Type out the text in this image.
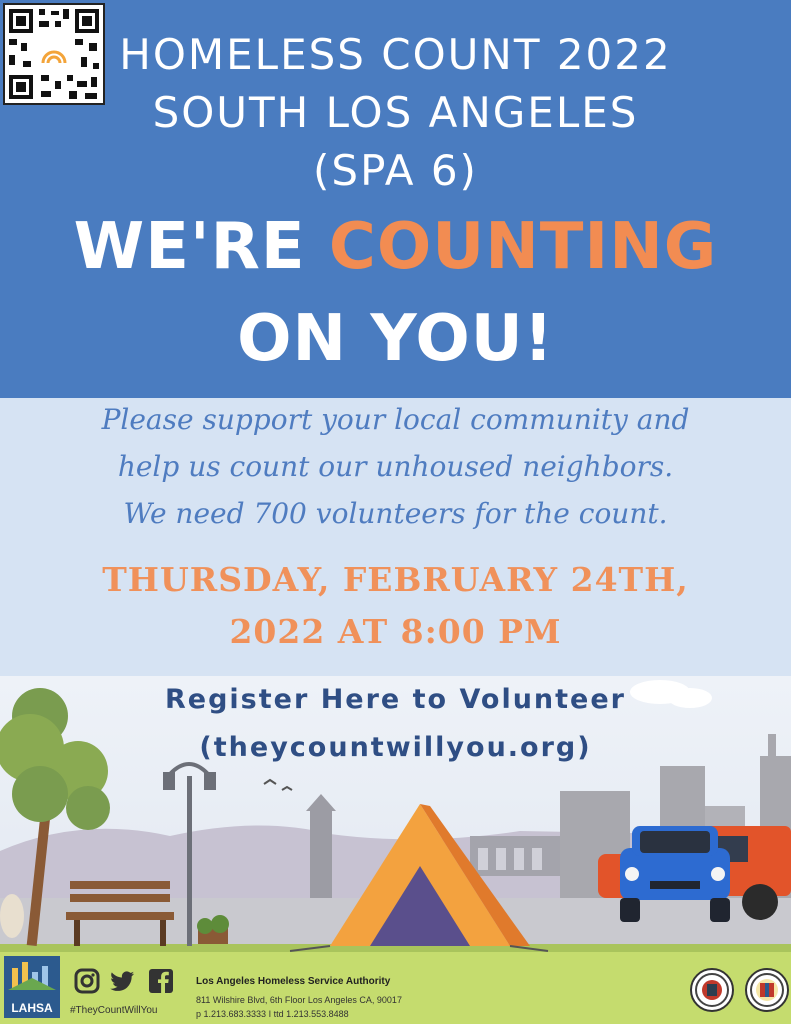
HOMELESS COUNT 2022
SOUTH LOS ANGELES
(SPA 6)
WE'RE COUNTING
ON YOU!
Please support your local community and
help us count our unhoused neighbors.
We need 700 volunteers for the count.
THURSDAY, FEBRUARY 24TH,
2022 AT 8:00 PM
Register Here to Volunteer
(theycountwillyou.org)
LAHSA	#TheyCountWillYou
Los Angeles Homeless Service Authority
811 Wilshire Blvd, 6th Floor Los Angeles CA, 90017
p 1.213.683.3333 I ttd 1.213.553.8488
